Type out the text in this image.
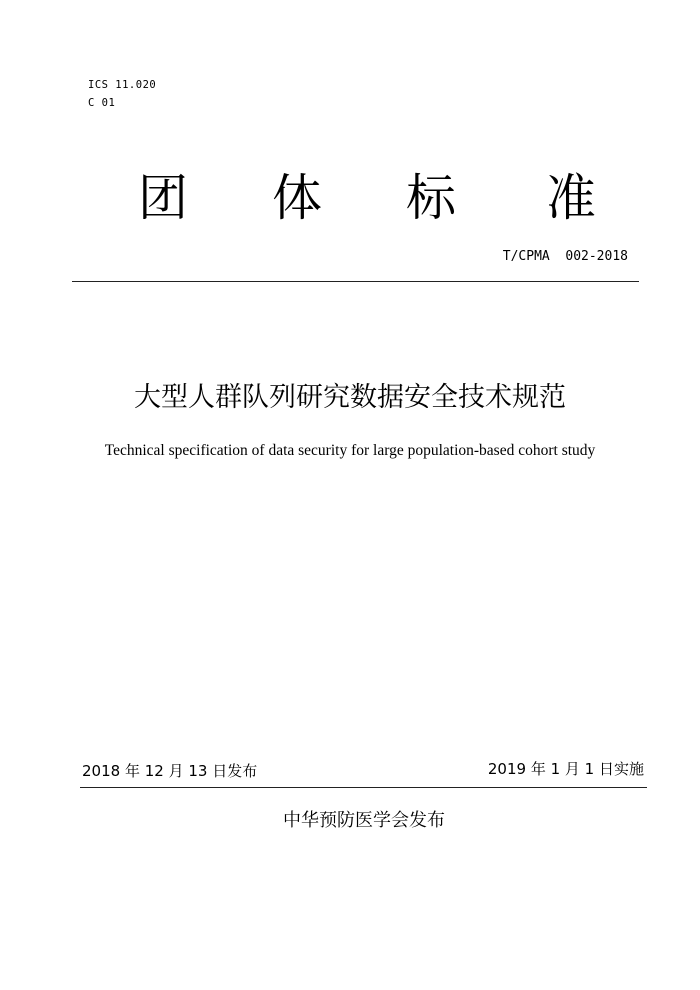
ICS 11.020
C 01
团 体 标 准
T/CPMA  002-2018
大型人群队列研究数据安全技术规范
Technical specification of data security for large population-based cohort study
2018 年 12 月 13 日发布	2019 年 1 月 1 日实施
中华预防医学会发布
